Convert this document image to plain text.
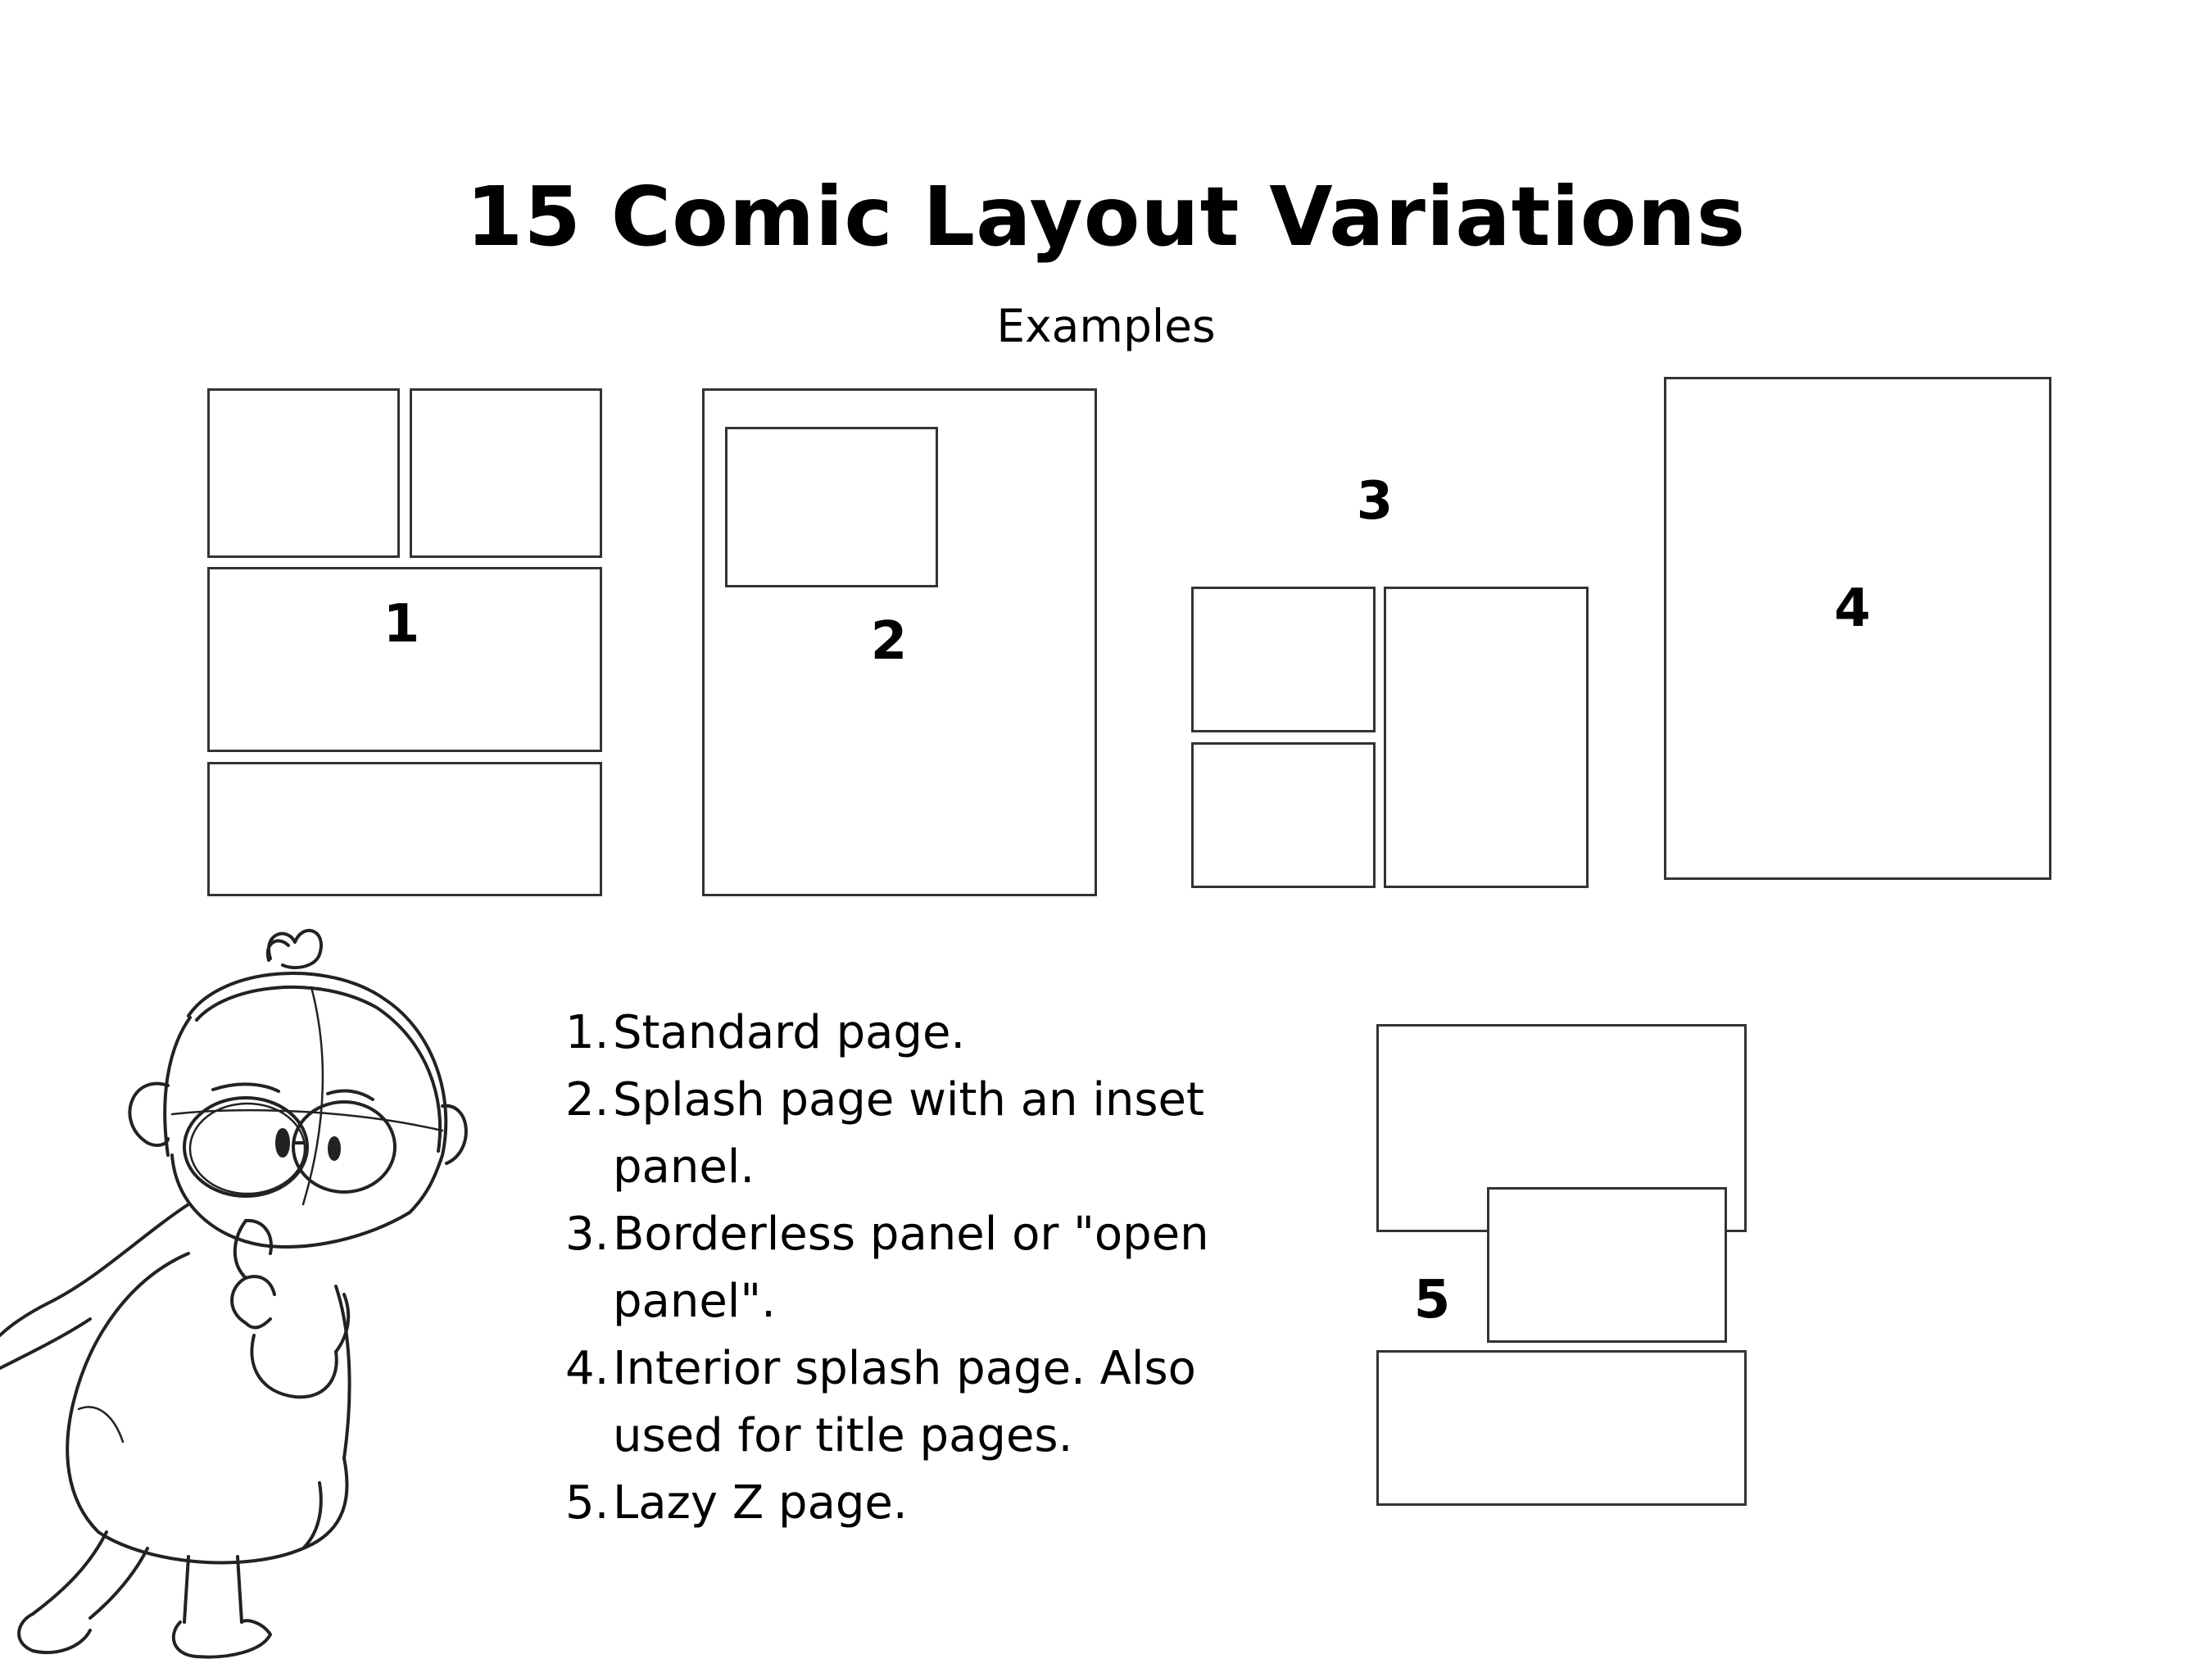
15 Comic Layout Variations
Examples
1	2
3
4
5
1. Standard page.
2. Splash page with an inset panel.
3. Borderless panel or "open panel".
4. Interior splash page. Also used for title pages.
5. Lazy Z page.
